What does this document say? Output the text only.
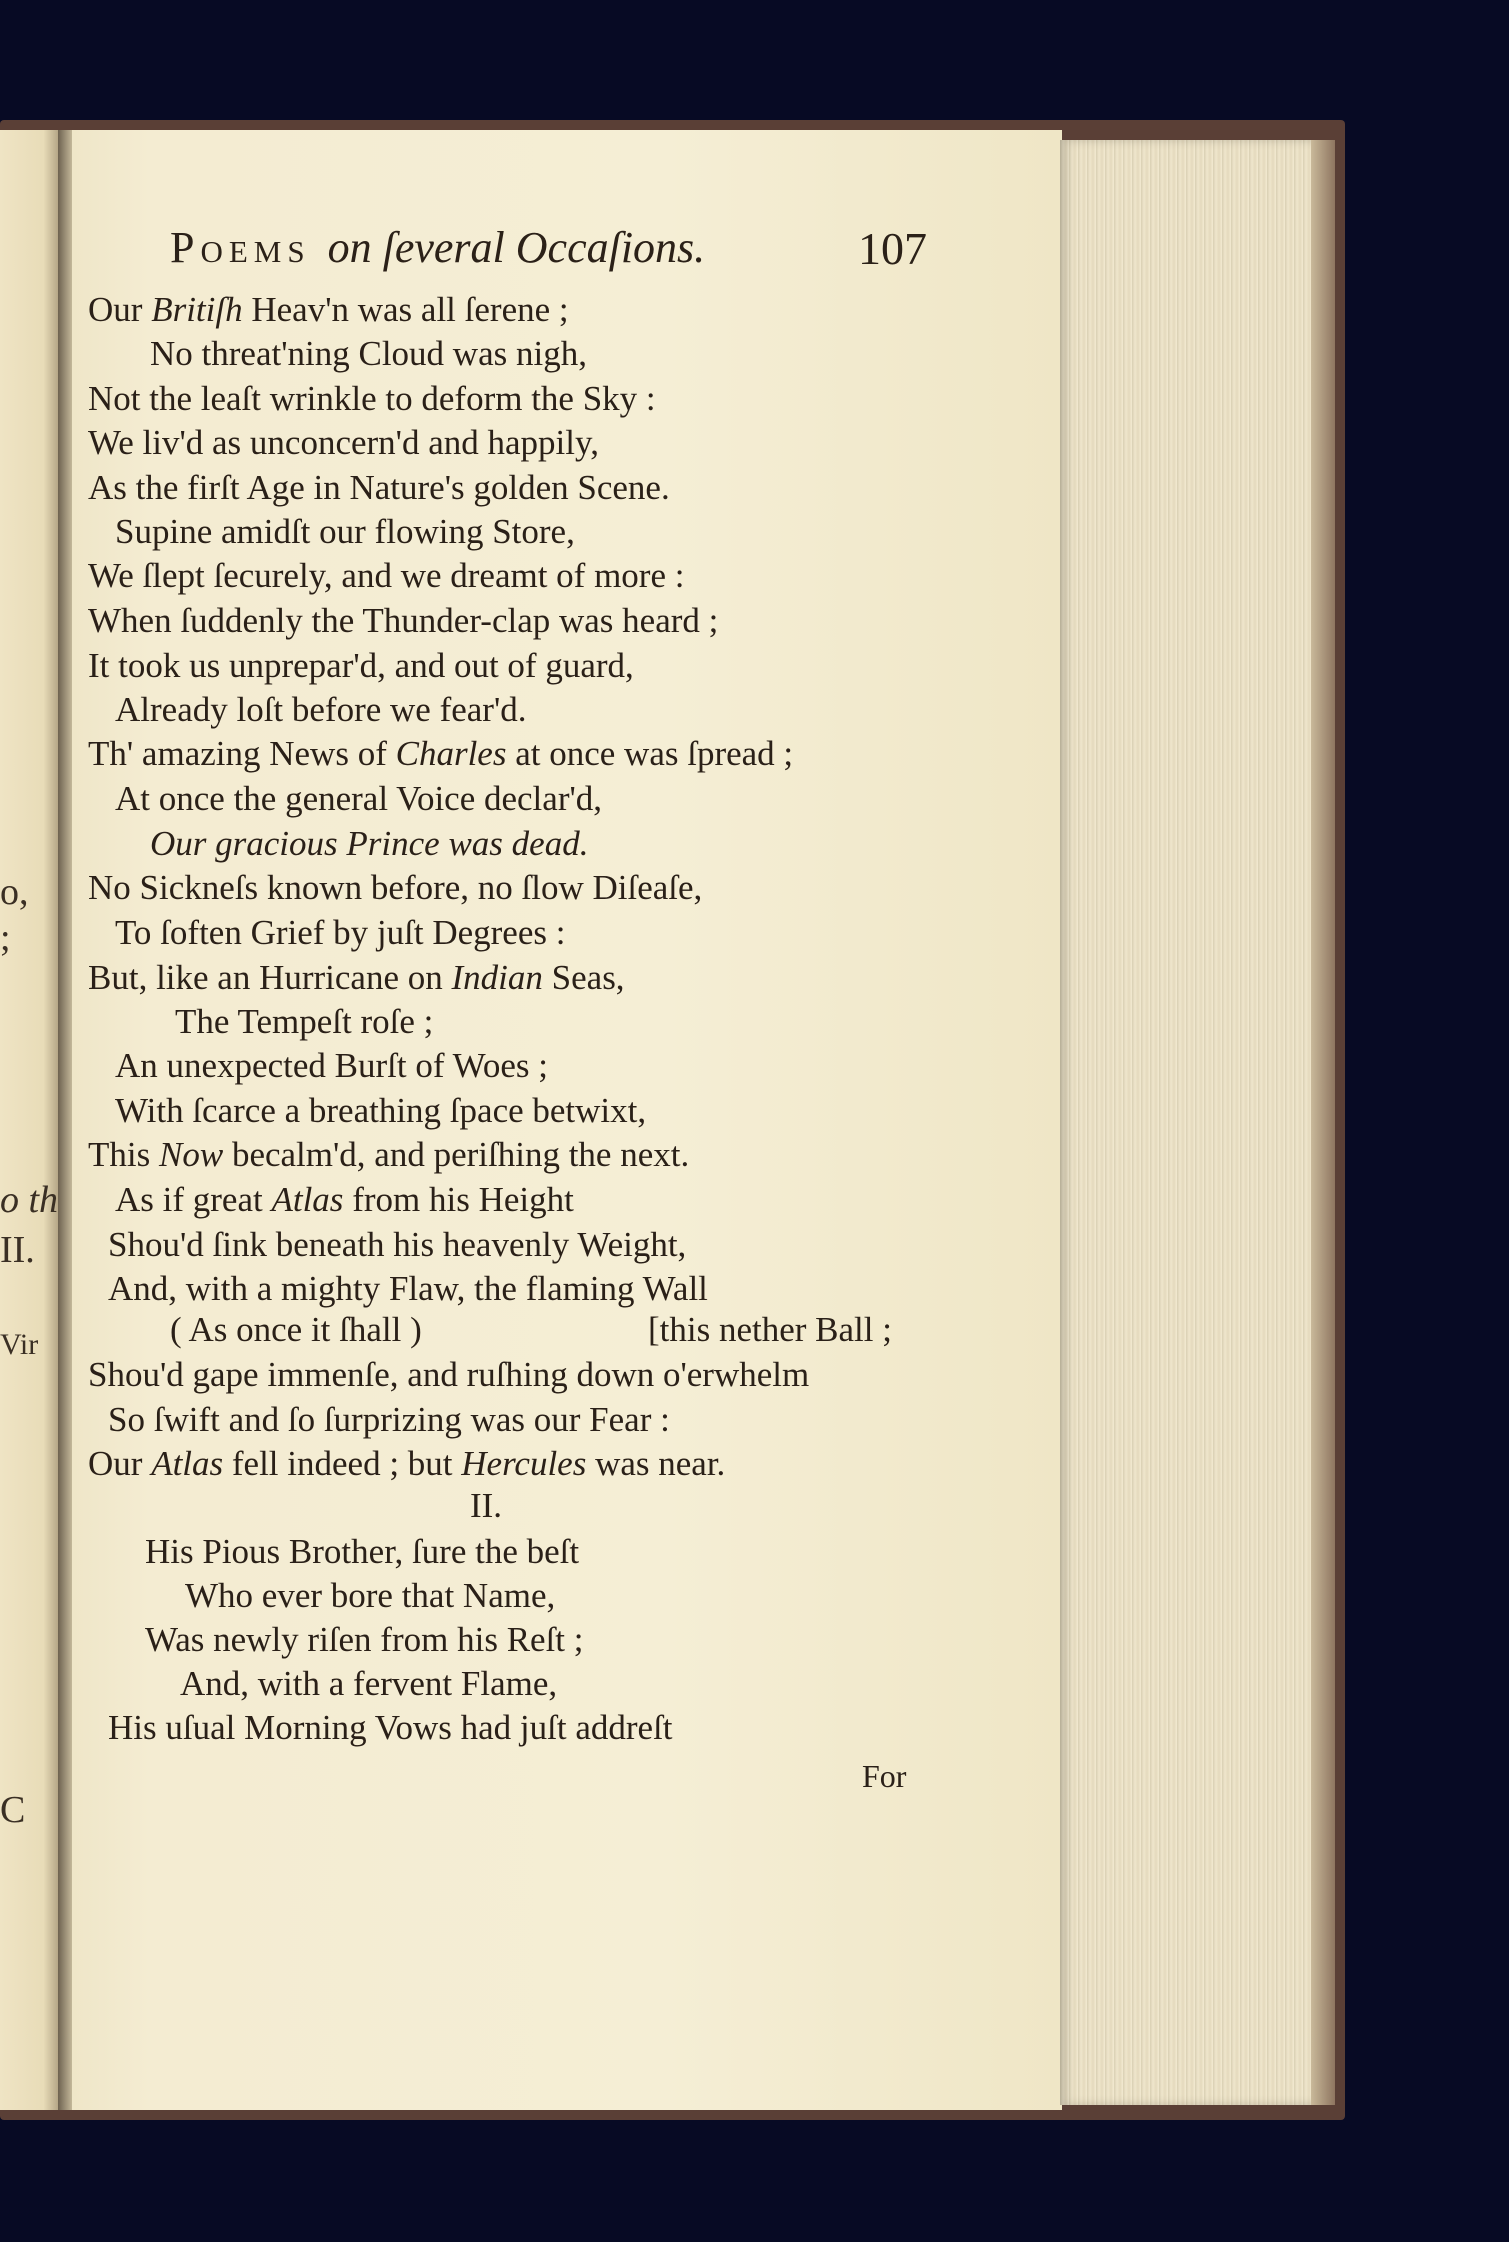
o,
;
o th
II.
Vir
C
Poems on ſeveral Occaſions.	107
Our Britiſh Heav'n was all ſerene ;
No threat'ning Cloud was nigh,
Not the leaſt wrinkle to deform the Sky :
We liv'd as unconcern'd and happily,
As the firſt Age in Nature's golden Scene.
Supine amidſt our flowing Store,
We ſlept ſecurely, and we dreamt of more :
When ſuddenly the Thunder-clap was heard ;
It took us unprepar'd, and out of guard,
Already loſt before we fear'd.
Th' amazing News of Charles at once was ſpread ;
At once the general Voice declar'd,
Our gracious Prince was dead.
No Sickneſs known before, no ſlow Diſeaſe,
To ſoften Grief by juſt Degrees :
But, like an Hurricane on Indian Seas,
The Tempeſt roſe ;
An unexpected Burſt of Woes ;
With ſcarce a breathing ſpace betwixt,
This Now becalm'd, and periſhing the next.
As if great Atlas from his Height
Shou'd ſink beneath his heavenly Weight,
And, with a mighty Flaw, the flaming Wall
( As once it ſhall )
Shou'd gape immenſe, and ruſhing down o'erwhelm
So ſwift and ſo ſurprizing was our Fear :
Our Atlas fell indeed ; but Hercules was near.
His Pious Brother, ſure the beſt
Who ever bore that Name,
Was newly riſen from his Reſt ;
And, with a fervent Flame,
His uſual Morning Vows had juſt addreſt
[this nether Ball ;
II.
For
